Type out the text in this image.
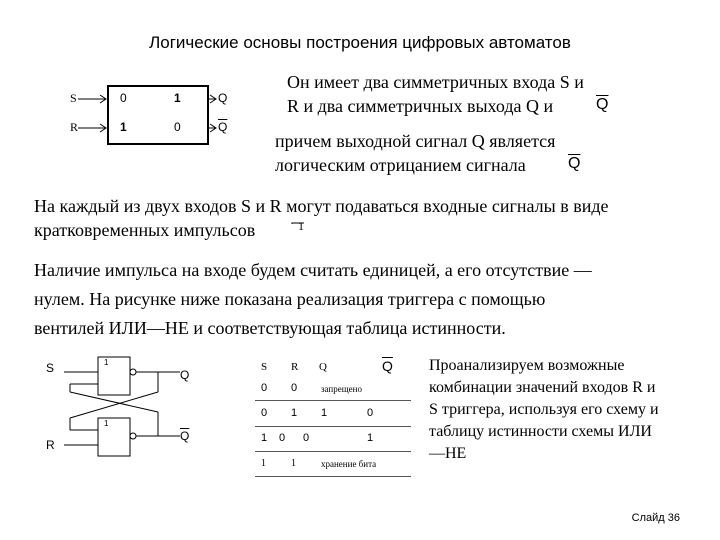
Логические основы построения цифровых автоматов
S
R
0	1
1	0
Q
$\overline{Q}$
Он имеет два симметричных входа S и
R и два симметричных выхода Q и	$\overline{Q}$
причем выходной сигнал Q является
логическим отрицанием сигнала	$\overline{Q}$
На каждый из двух входов S и R могут подаваться входные сигналы в виде
кратковременных импульсов	1
Наличие импульса на входе будем считать единицей, а его отсутствие —
нулем. На рисунке ниже показана реализация триггера с помощью
вентилей ИЛИ—НЕ и соответствующая таблица истинности.
S
R
1
1
Q
$\overline{Q}$
S R Q	$\overline{Q}$
0 0	запрещено
0 1 1	0
1 0 0	1
1	1	хранение бита
Проанализируем возможные
комбинации значений входов R и
S триггера, используя его схему и
таблицу истинности схемы ИЛИ
—НЕ
Слайд 36
